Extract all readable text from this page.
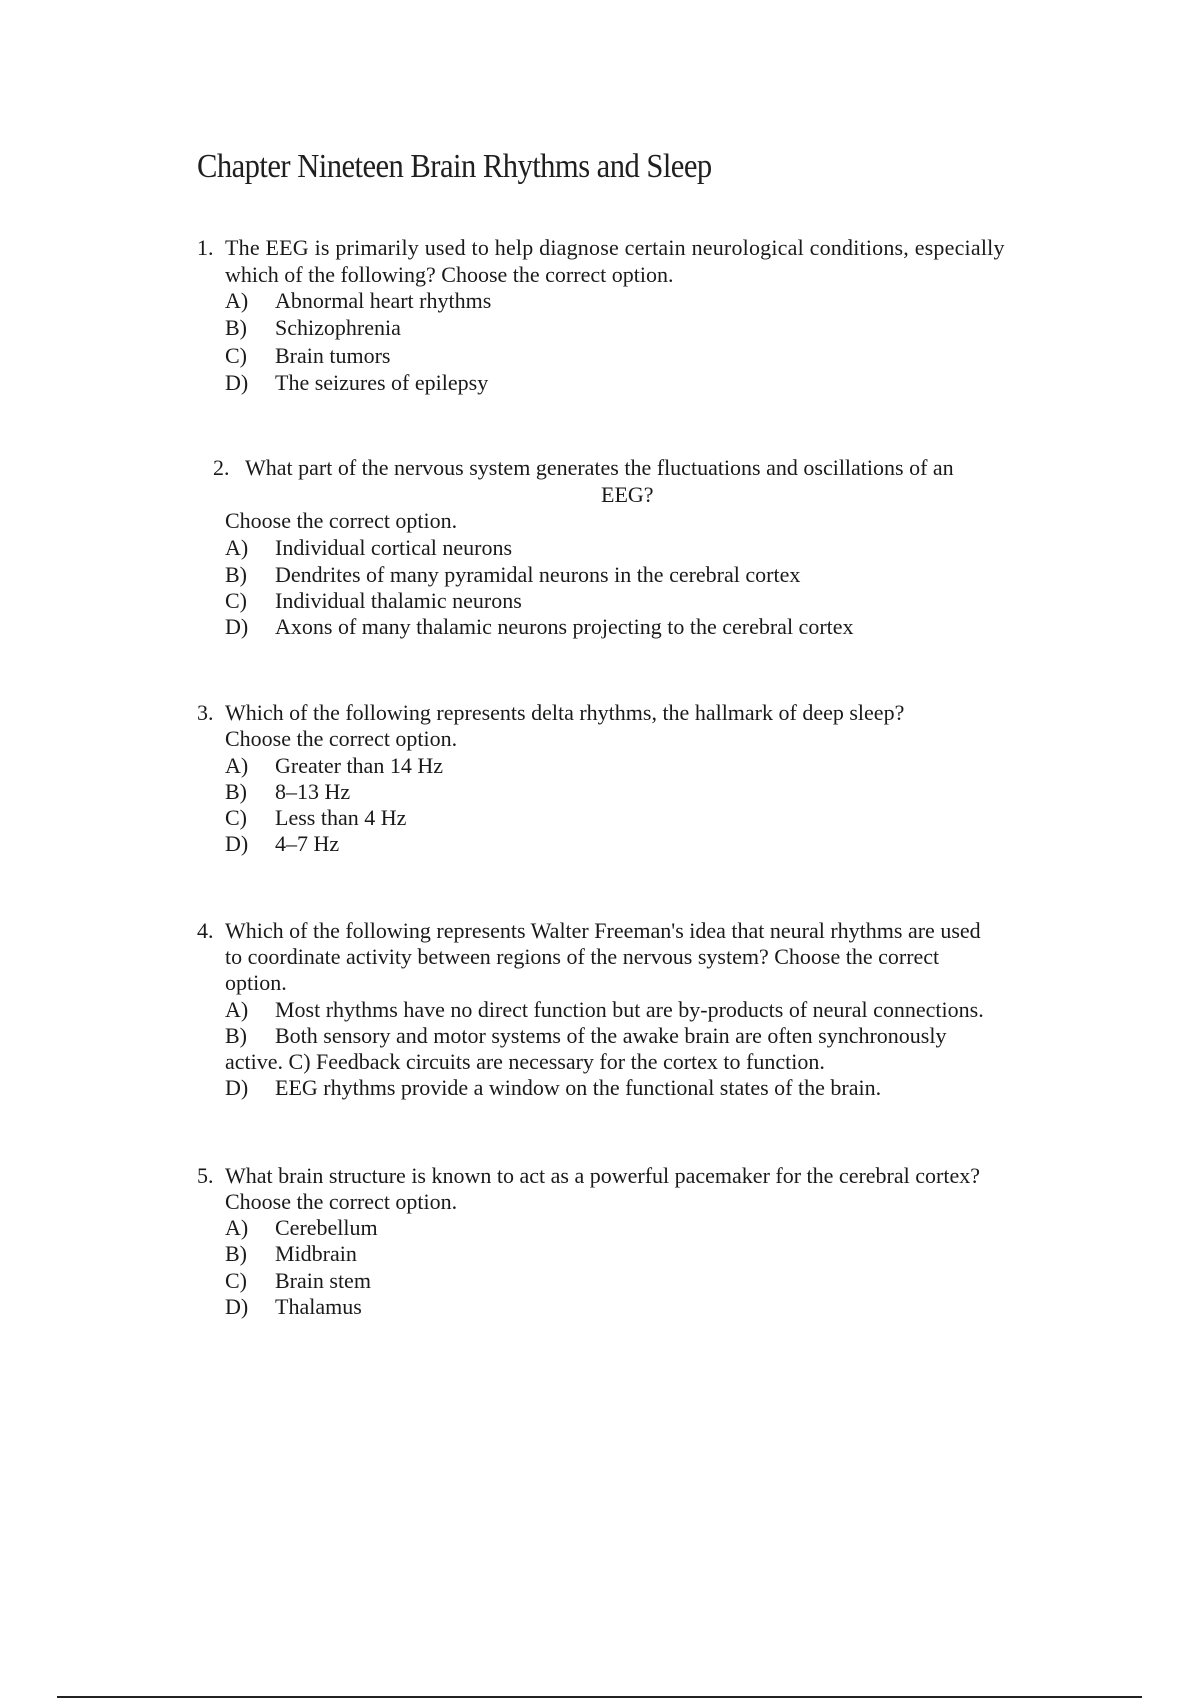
Chapter Nineteen Brain Rhythms and Sleep
1. The EEG is primarily used to help diagnose certain neurological conditions, especially
which of the following? Choose the correct option.
A) Abnormal heart rhythms
B) Schizophrenia
C) Brain tumors
D) The seizures of epilepsy
2. What part of the nervous system generates the fluctuations and oscillations of an
EEG?
Choose the correct option.
A) Individual cortical neurons
B) Dendrites of many pyramidal neurons in the cerebral cortex
C) Individual thalamic neurons
D) Axons of many thalamic neurons projecting to the cerebral cortex
3. Which of the following represents delta rhythms, the hallmark of deep sleep?
Choose the correct option.
A) Greater than 14 Hz
B) 8–13 Hz
C) Less than 4 Hz
D) 4–7 Hz
4. Which of the following represents Walter Freeman's idea that neural rhythms are used
to coordinate activity between regions of the nervous system? Choose the correct
option.
A) Most rhythms have no direct function but are by-products of neural connections.
B) Both sensory and motor systems of the awake brain are often synchronously
active. C) Feedback circuits are necessary for the cortex to function.
D) EEG rhythms provide a window on the functional states of the brain.
5. What brain structure is known to act as a powerful pacemaker for the cerebral cortex?
Choose the correct option.
A) Cerebellum
B) Midbrain
C) Brain stem
D) Thalamus
